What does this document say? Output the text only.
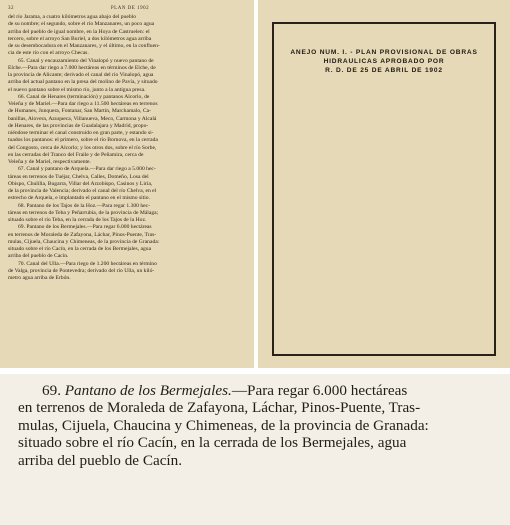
32	PLAN DE 1902
del río Jarama, a cuatro kilómetros agua abajo del pueblo
de su nombre; el segundo, sobre el río Manzanares, un poco agua
arriba del pueblo de igual nombre, en la Hoya de Castruelen: el
tercero, sobre el arroyo San Buriel, a dos kilómetros agua arriba
de su desembocadura en el Manzanares, y el último, en la confluen-
cia de este río con el arroyo Checas.
65. Canal y encauzamiento del Vinalopó y nuevo pantano de
Elche.—Para dar riego a 7.000 hectáreas en términos de Elche, de
la provincia de Alicante; derivado el canal del río Vinalopó, agua
arriba del actual pantano en la presa del molino de Pavía, y situado
el nuevo pantano sobre el mismo río, junto a la antigua presa.
66. Canal de Henares (terminación) y pantanos Alcorlo, de
Veleña y de Mariel.—Para dar riego a 11.500 hectáreas en terrenos
de Humanes, Junquera, Fontanar, San Martín, Marchamalo, Ca-
banillas, Alovera, Azuqueca, Villanueva, Meco, Carmona y Alcalá
de Henares, de las provincias de Guadalajara y Madrid, propo-
niéndose terminar el canal construido en gran parte, y estando si-
tuados los pantanos: el primero, sobre el río Bornova, en la cerrada
del Congosto, cerca de Alcorlo; y los otros dos, sobre el río Sorbe,
en las cerradas del Tranco del Fraile y de Peñamira, cerca de
Veleña y de Mariel, respectivamente.
67. Canal y pantano de Arquela.—Para dar riego a 5.000 hec-
táreas en terrenos de Tuéjar, Chelva, Calles, Domeño, Losa del
Obispo, Chulilla, Bugarra, Villar del Arzobispo, Casinos y Liria,
de la provincia de Valencia; derivado el canal del río Chelva, en el
estrecho de Arquela, e implantado el pantano en el mismo sitio.
68. Pantano de los Tajos de la Hoz.—Para regar 1.300 hec-
táreas en terrenos de Teba y Peñarrubia, de la provincia de Málaga;
situado sobre el río Teba, en la cerrada de los Tajos de la Hoz.
69. Pantano de los Bermejales.—Para regar 6.000 hectáreas
en terrenos de Moraleda de Zafayona, Láchar, Pinos-Puente, Tras-
mulas, Cijuela, Chaucina y Chimeneas, de la provincia de Granada:
situado sobre el río Cacín, en la cerrada de los Bermejales, agua
arriba del pueblo de Cacín.
70. Canal del Ulla.—Para riego de 1.200 hectáreas en término
de Valga, provincia de Pontevedra; derivado del río Ulla, un kiló-
metro agua arriba de Erbón.
ANEJO NUM. I. - PLAN PROVISIONAL DE OBRAS
HIDRAULICAS APROBADO POR
R. D. DE 25 DE ABRIL DE 1902
69. Pantano de los Bermejales.—Para regar 6.000 hectáreas
en terrenos de Moraleda de Zafayona, Láchar, Pinos-Puente, Tras-
mulas, Cijuela, Chaucina y Chimeneas, de la provincia de Granada:
situado sobre el río Cacín, en la cerrada de los Bermejales, agua
arriba del pueblo de Cacín.
